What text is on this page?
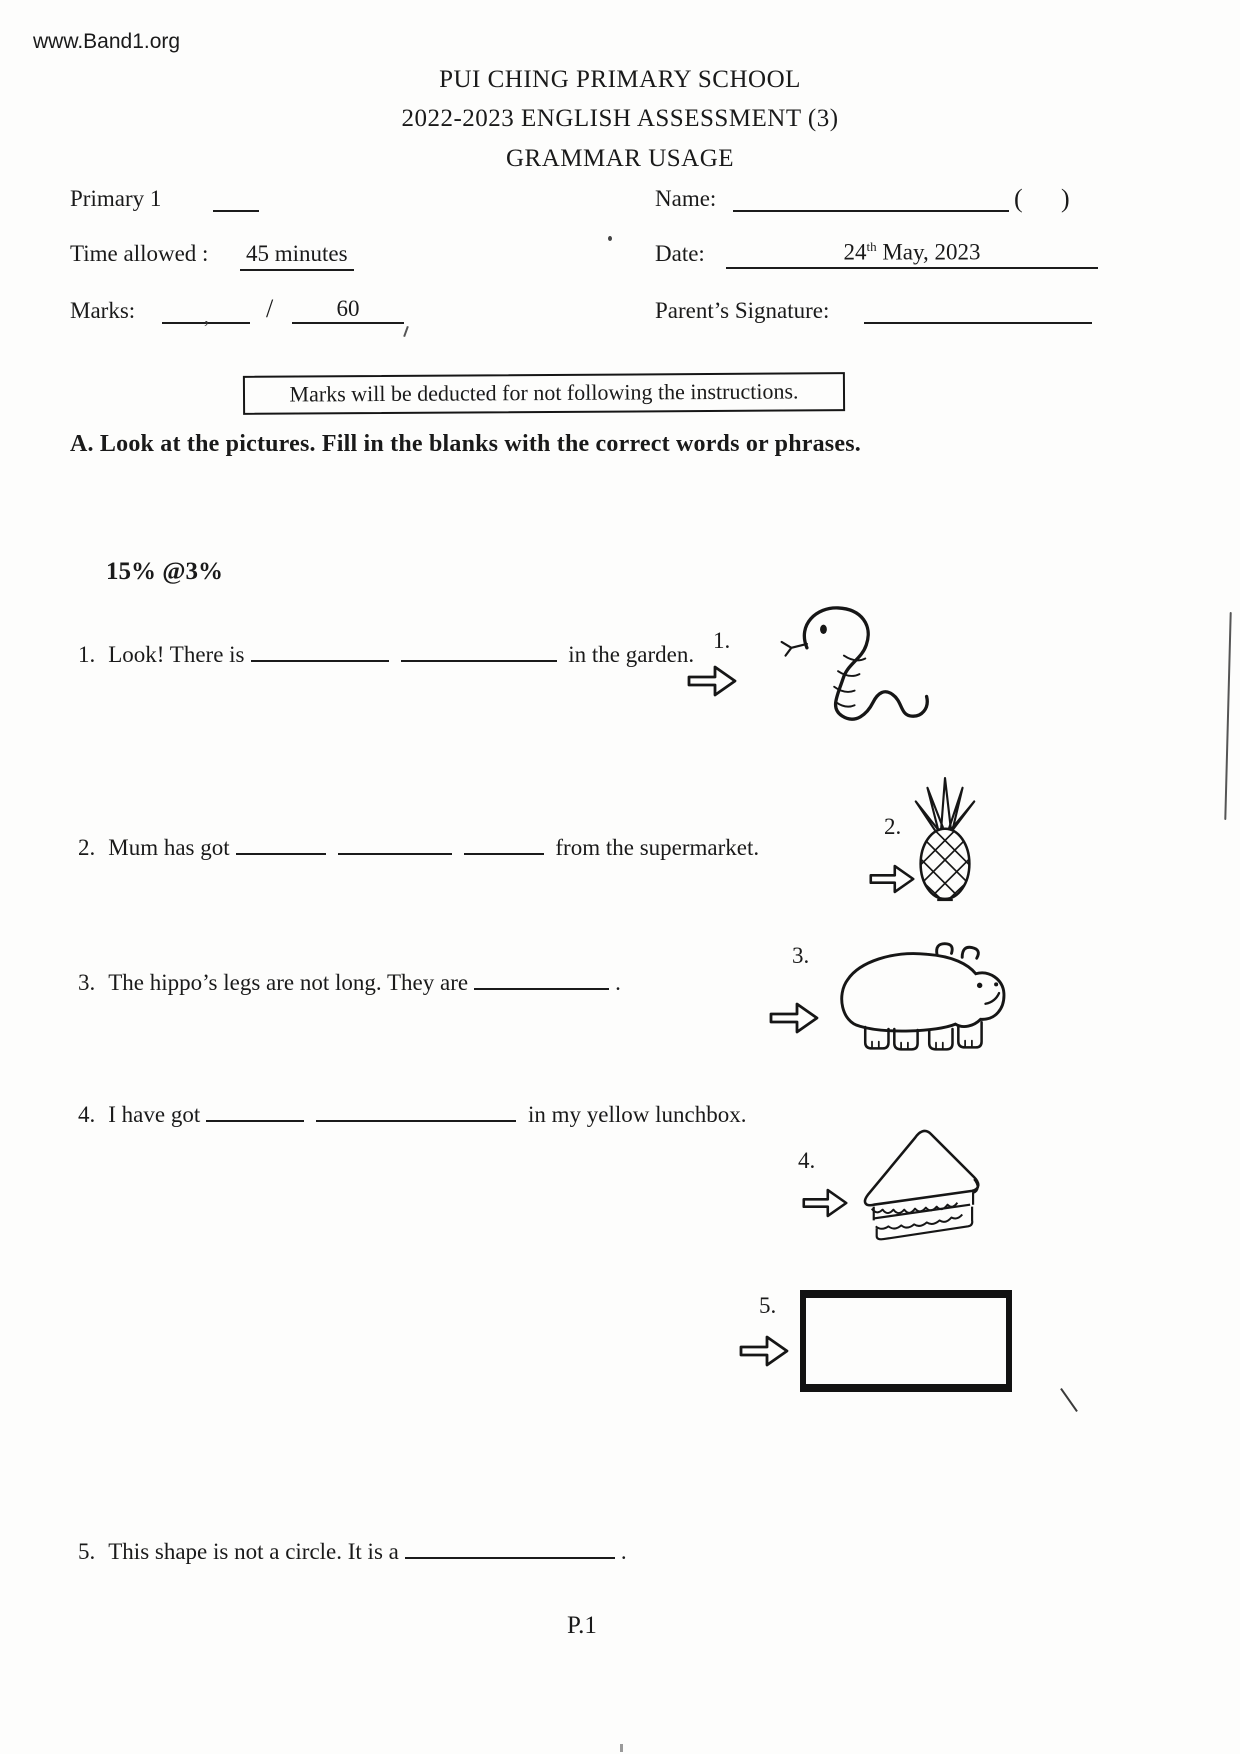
www.Band1.org
PUI CHING PRIMARY SCHOOL
2022-2023 ENGLISH ASSESSMENT (3)
GRAMMAR USAGE
Primary 1	Name:	( )
Time allowed : 45 minutes	Date:	24th May, 2023
Marks:	, /	60	Parent’s Signature:
Marks will be deducted for not following the instructions.
A. Look at the pictures. Fill in the blanks with the correct words or phrases.
15% @3%
1. Look! There is	in the garden.
1.
2. Mum has got	from the supermarket.
2.
3. The hippo’s legs are not long. They are	.
3.
4. I have got	in my yellow lunchbox.
4.
5.
5. This shape is not a circle. It is a	.
P.1
